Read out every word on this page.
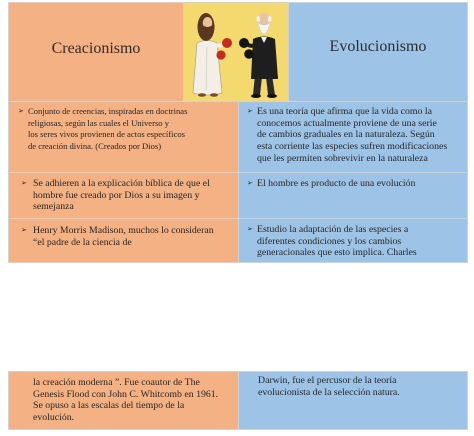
Creacionismo	Evolucionismo
➢ Conjunto de creencias, inspiradas en doctrinas
religiosas, según las cuales el Universo y
los seres vivos provienen de actos específicos
de creación divina. (Creados por Dios)
➢ Es una teoría que afirma que la vida como la
conocemos actualmente proviene de una serie
de cambios graduales en la naturaleza. Según
esta corriente las especies sufren modificaciones
que les permiten sobrevivir en la naturaleza
➢ Se adhieren a la explicación bíblica de que el
hombre fue creado por Dios a su imagen y
semejanza
➢ El hombre es producto de una evolución
➢ Henry Morris Madison, muchos lo consideran
“el padre de la ciencia de
➢ Estudio la adaptación de las especies a
diferentes condiciones y los cambios
generacionales que esto implica. Charles
la creación moderna ”. Fue coautor de The
Genesis Flood con John C. Whitcomb en 1961.
Se opuso a las escalas del tiempo de la
evolución.
Darwin, fue el percusor de la teoría
evolucionista de la selección natura.
